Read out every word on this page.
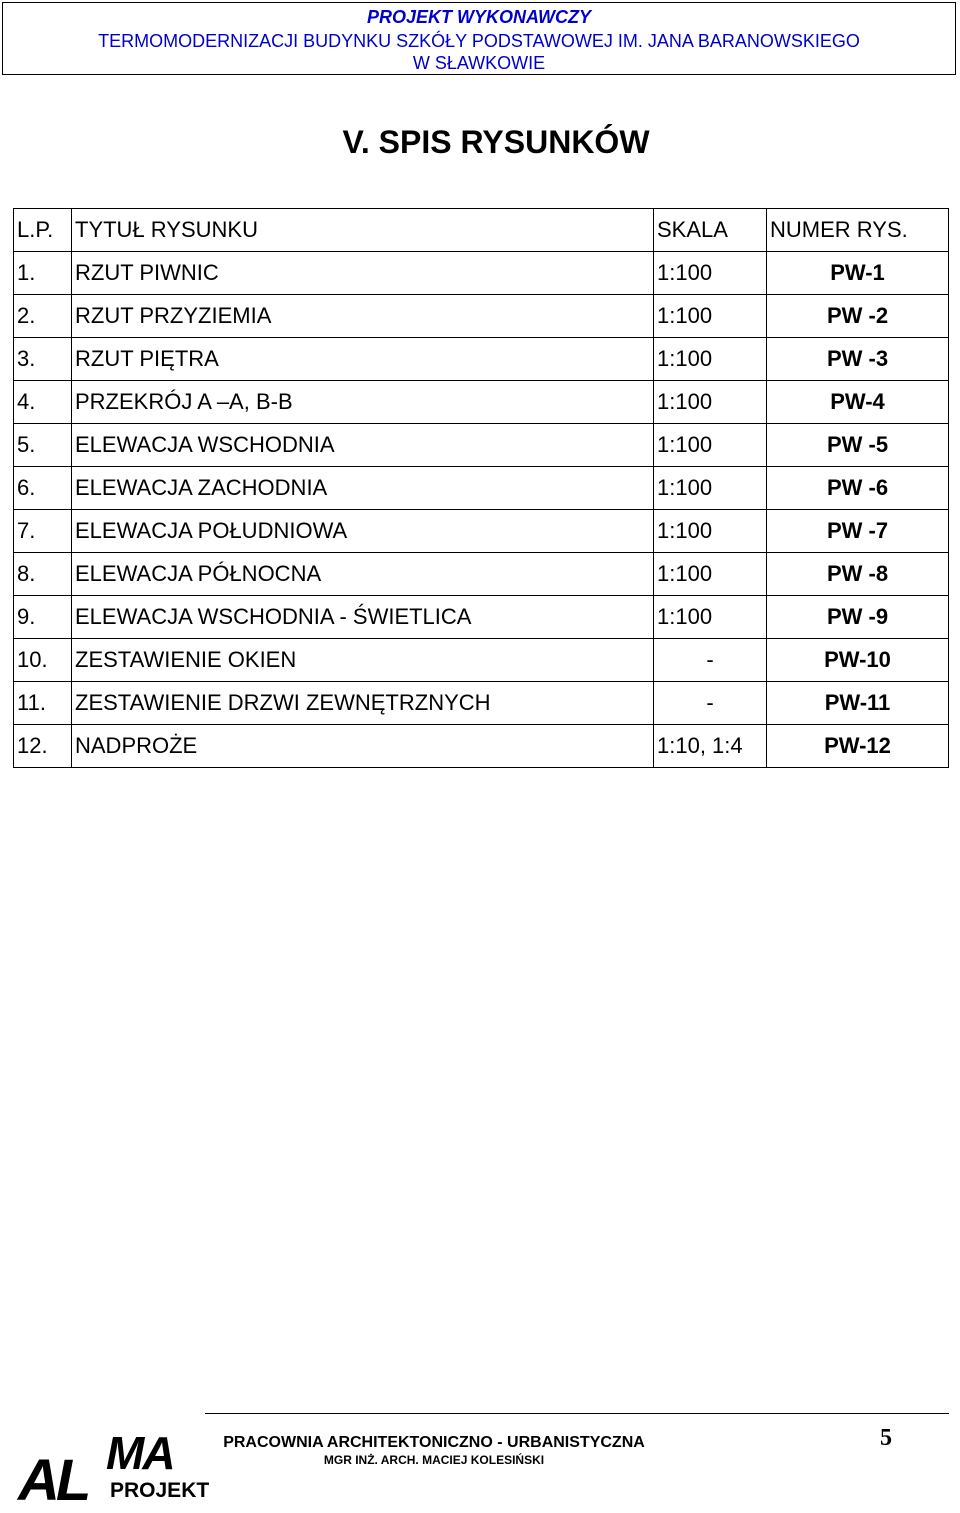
PROJEKT WYKONAWCZY
TERMOMODERNIZACJI BUDYNKU SZKÓŁY PODSTAWOWEJ IM. JANA BARANOWSKIEGO
W SŁAWKOWIE
V. SPIS RYSUNKÓW
L.P.	TYTUŁ RYSUNKU	SKALA	NUMER RYS.
1.	RZUT PIWNIC	1:100	PW-1
2.	RZUT PRZYZIEMIA	1:100	PW -2
3.	RZUT PIĘTRA	1:100	PW -3
4.	PRZEKRÓJ A –A, B-B	1:100	PW-4
5.	ELEWACJA WSCHODNIA	1:100	PW -5
6.	ELEWACJA ZACHODNIA	1:100	PW -6
7.	ELEWACJA POŁUDNIOWA	1:100	PW -7
8.	ELEWACJA PÓŁNOCNA	1:100	PW -8
9.	ELEWACJA WSCHODNIA - ŚWIETLICA	1:100	PW -9
10.	ZESTAWIENIE OKIEN	-	PW-10
11.	ZESTAWIENIE DRZWI ZEWNĘTRZNYCH	-	PW-11
12.	NADPROŻE	1:10, 1:4	PW-12
MA
AL PROJEKT
PRACOWNIA ARCHITEKTONICZNO - URBANISTYCZNA
MGR INŻ. ARCH. MACIEJ KOLESIŃSKI
5
